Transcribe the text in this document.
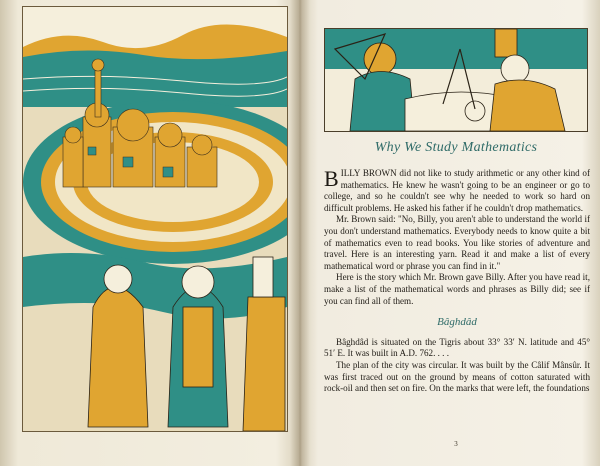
Why We Study Mathematics

BILLY BROWN did not like to study arithmetic or any other kind of mathematics. He knew he wasn't going to be an engineer or go to college, and so he couldn't see why he needed to work so hard on difficult problems. He asked his father if he couldn't drop mathematics.

Mr. Brown said: "No, Billy, you aren't able to understand the world if you don't understand mathematics. Everybody needs to know quite a bit of mathematics even to read books. You like stories of adventure and travel. Here is an interesting yarn. Read it and make a list of every mathematical word or phrase you can find in it."

Here is the story which Mr. Brown gave Billy. After you have read it, make a list of the mathematical words and phrases as Billy did; see if you can find all of them.

Bâghdâd

Bâghdâd is situated on the Tigris about 33° 33′ N. latitude and 45° 51′ E. It was built in A.D. 762. . . .

The plan of the city was circular. It was built by the Câlif Mânsûr. It was first traced out on the ground by means of cotton saturated with rock-oil and then set on fire. On the marks that were left, the foundations

3
